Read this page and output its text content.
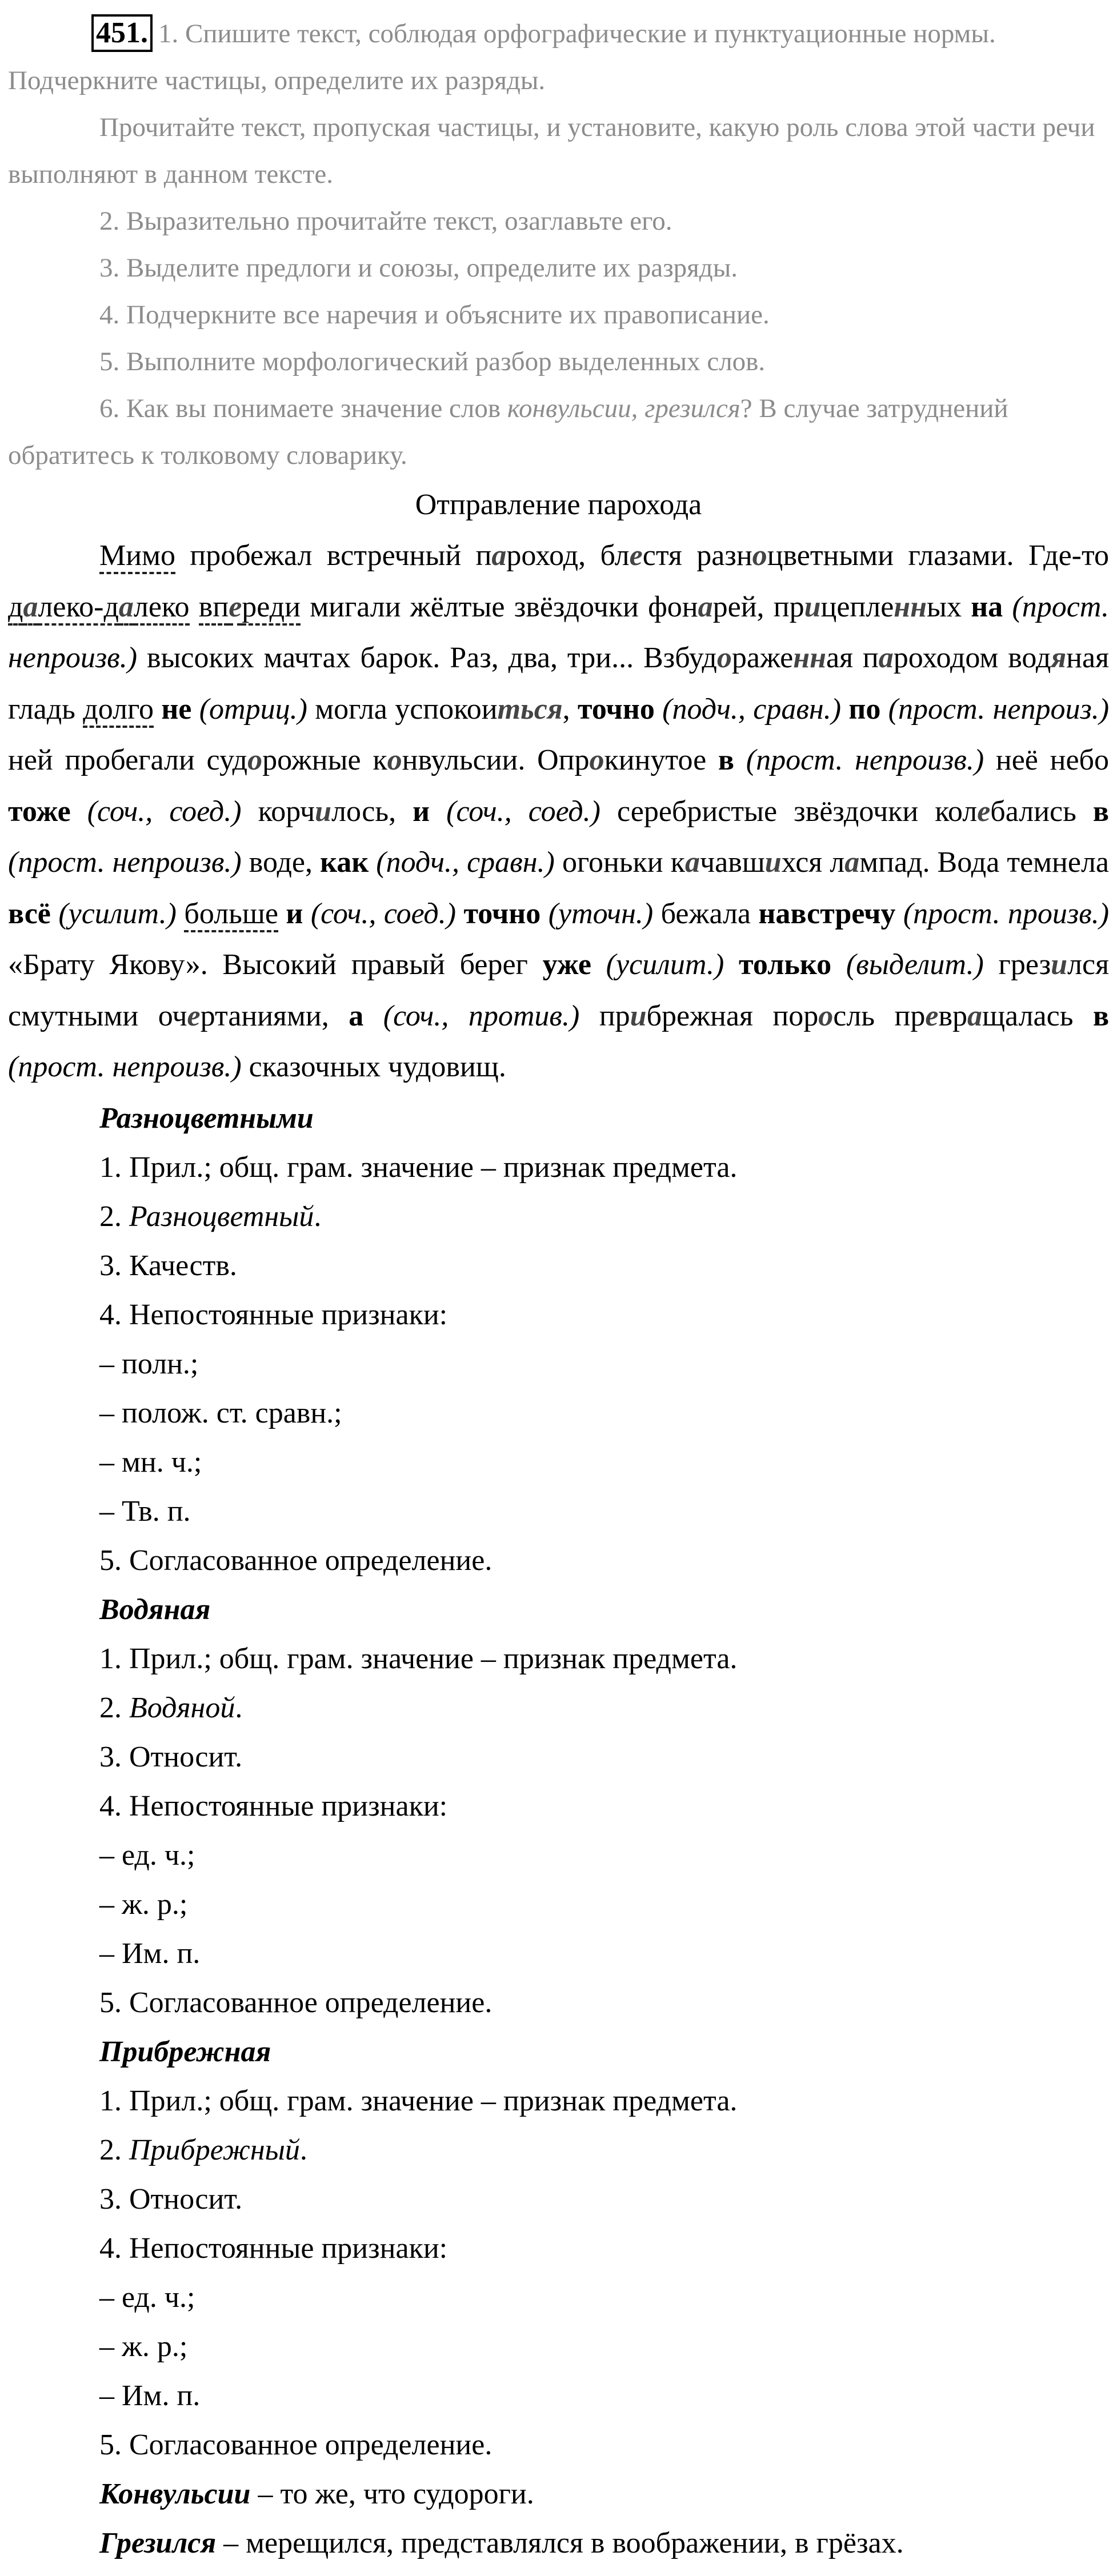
451. 1. Спишите текст, соблюдая орфографические и пунктуационные нормы. Подчеркните частицы, определите их разряды.

Прочитайте текст, пропуская частицы, и установите, какую роль слова этой части речи выполняют в данном тексте.

2. Выразительно прочитайте текст, озаглавьте его.

3. Выделите предлоги и союзы, определите их разряды.

4. Подчеркните все наречия и объясните их правописание.

5. Выполните морфологический разбор выделенных слов.

6. Как вы понимаете значение слов конвульсии, грезился? В случае затруднений обратитесь к толковому словарику.

Отправление парохода

Мимо пробежал встречный пароход, блестя разноцветными глазами. Где-то далеко-далеко впереди мигали жёлтые звёздочки фонарей, прицепленных на (прост. непроизв.) высоких мачтах барок. Раз, два, три... Взбудораженная пароходом водяная гладь долго не (отриц.) могла успокоиться, точно (подч., сравн.) по (прост. непроиз.) ней пробегали судорожные конвульсии. Опрокинутое в (прост. непроизв.) неё небо тоже (соч., соед.) корчилось, и (соч., соед.) серебристые звёздочки колебались в (прост. непроизв.) воде, как (подч., сравн.) огоньки качавшихся лампад. Вода темнела всё (усилит.) больше и (соч., соед.) точно (уточн.) бежала навстречу (прост. произв.) «Брату Якову». Высокий правый берег уже (усилит.) только (выделит.) грезился смутными очертаниями, а (соч., против.) прибрежная поросль превращалась в (прост. непроизв.) сказочных чудовищ.

Разноцветными
1. Прил.; общ. грам. значение – признак предмета.
2. Разноцветный.
3. Качеств.
4. Непостоянные признаки:
– полн.;
– полож. ст. сравн.;
– мн. ч.;
– Тв. п.
5. Согласованное определение.
Водяная
1. Прил.; общ. грам. значение – признак предмета.
2. Водяной.
3. Относит.
4. Непостоянные признаки:
– ед. ч.;
– ж. р.;
– Им. п.
5. Согласованное определение.
Прибрежная
1. Прил.; общ. грам. значение – признак предмета.
2. Прибрежный.
3. Относит.
4. Непостоянные признаки:
– ед. ч.;
– ж. р.;
– Им. п.
5. Согласованное определение.
Конвульсии – то же, что судороги.
Грезился – мерещился, представлялся в воображении, в грёзах.
